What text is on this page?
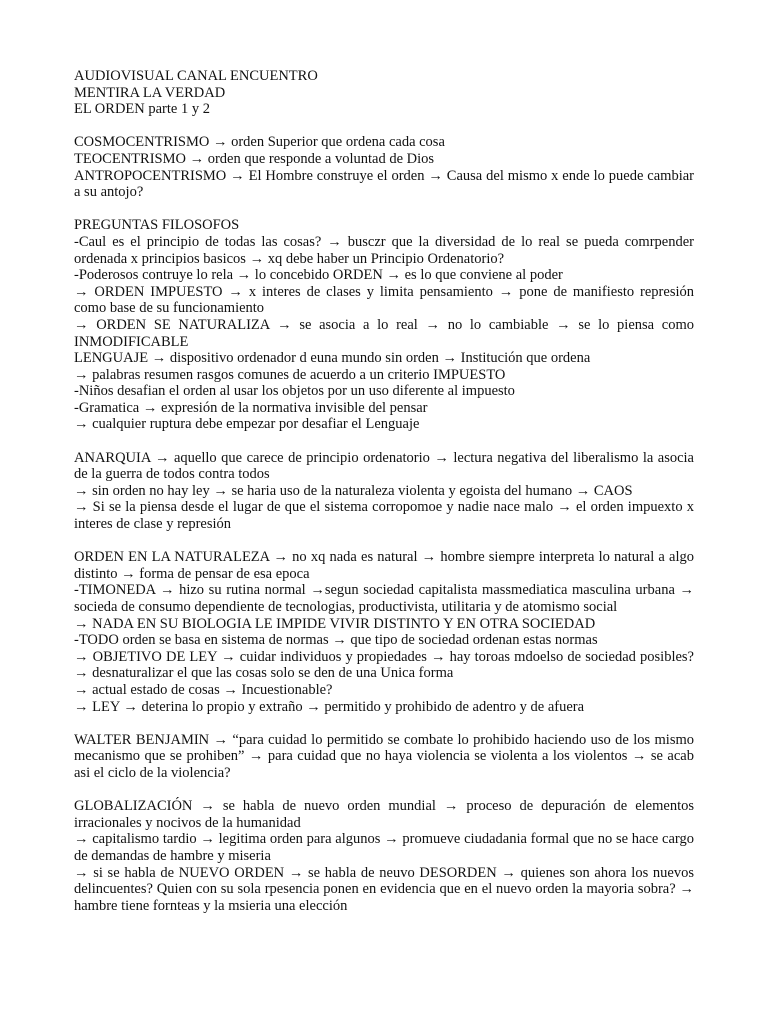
AUDIOVISUAL CANAL ENCUENTRO
MENTIRA LA VERDAD
EL ORDEN parte 1 y 2
COSMOCENTRISMO → orden Superior que ordena cada cosa
TEOCENTRISMO → orden que responde a voluntad de Dios
ANTROPOCENTRISMO → El Hombre construye el orden → Causa del mismo x ende lo puede cambiar a su antojo?
PREGUNTAS FILOSOFOS
-Caul es el principio de todas las cosas? → busczr que la diversidad de lo real se pueda comrpender ordenada x principios basicos → xq debe haber un Principio Ordenatorio?
-Poderosos contruye lo rela → lo concebido ORDEN → es lo que conviene al poder
→ ORDEN IMPUESTO → x interes de clases y limita pensamiento → pone de manifiesto represión como base de su funcionamiento
→ ORDEN SE NATURALIZA → se asocia a lo real → no lo cambiable → se lo piensa como INMODIFICABLE
LENGUAJE → dispositivo ordenador d euna mundo sin orden → Institución que ordena
→ palabras resumen rasgos comunes de acuerdo a un criterio IMPUESTO
-Niños desafian el orden al usar los objetos por un uso diferente al impuesto
-Gramatica → expresión de la normativa invisible del pensar
→ cualquier ruptura debe empezar por desafiar el Lenguaje
ANARQUIA → aquello que carece de principio ordenatorio → lectura negativa del liberalismo la asocia de la guerra de todos contra todos
→ sin orden no hay ley → se haria uso de la naturaleza violenta y egoista del humano → CAOS
→ Si se la piensa desde el lugar de que el sistema corropomoe y nadie nace malo → el orden impuexto x interes de clase y represión
ORDEN EN LA NATURALEZA → no xq nada es natural → hombre siempre interpreta lo natural a algo distinto → forma de pensar de esa epoca
-TIMONEDA → hizo su rutina normal →segun sociedad capitalista massmediatica masculina urbana → socieda de consumo dependiente de tecnologias, productivista, utilitaria y de atomismo social
→ NADA EN SU BIOLOGIA LE IMPIDE VIVIR DISTINTO Y EN OTRA SOCIEDAD
-TODO orden se basa en sistema de normas → que tipo de sociedad ordenan estas normas
→ OBJETIVO DE LEY → cuidar individuos y propiedades → hay toroas mdoelso de sociedad posibles? → desnaturalizar el que las cosas solo se den de una Unica forma
→ actual estado de cosas → Incuestionable?
→ LEY → deterina lo propio y extraño → permitido y prohibido de adentro y de afuera
WALTER BENJAMIN → “para cuidad lo permitido se combate lo prohibido haciendo uso de los mismo mecanismo que se prohiben” → para cuidad que no haya violencia se violenta a los violentos → se acab asi el ciclo de la violencia?
GLOBALIZACIÓN → se habla de nuevo orden mundial → proceso de depuración de elementos irracionales y nocivos de la humanidad
→ capitalismo tardio → legitima orden para algunos → promueve ciudadania formal que no se hace cargo de demandas de hambre y miseria
→ si se habla de NUEVO ORDEN → se habla de neuvo DESORDEN → quienes son ahora los nuevos delincuentes? Quien con su sola rpesencia ponen en evidencia que en el nuevo orden la mayoria sobra? → hambre tiene fornteas y la msieria una elección
